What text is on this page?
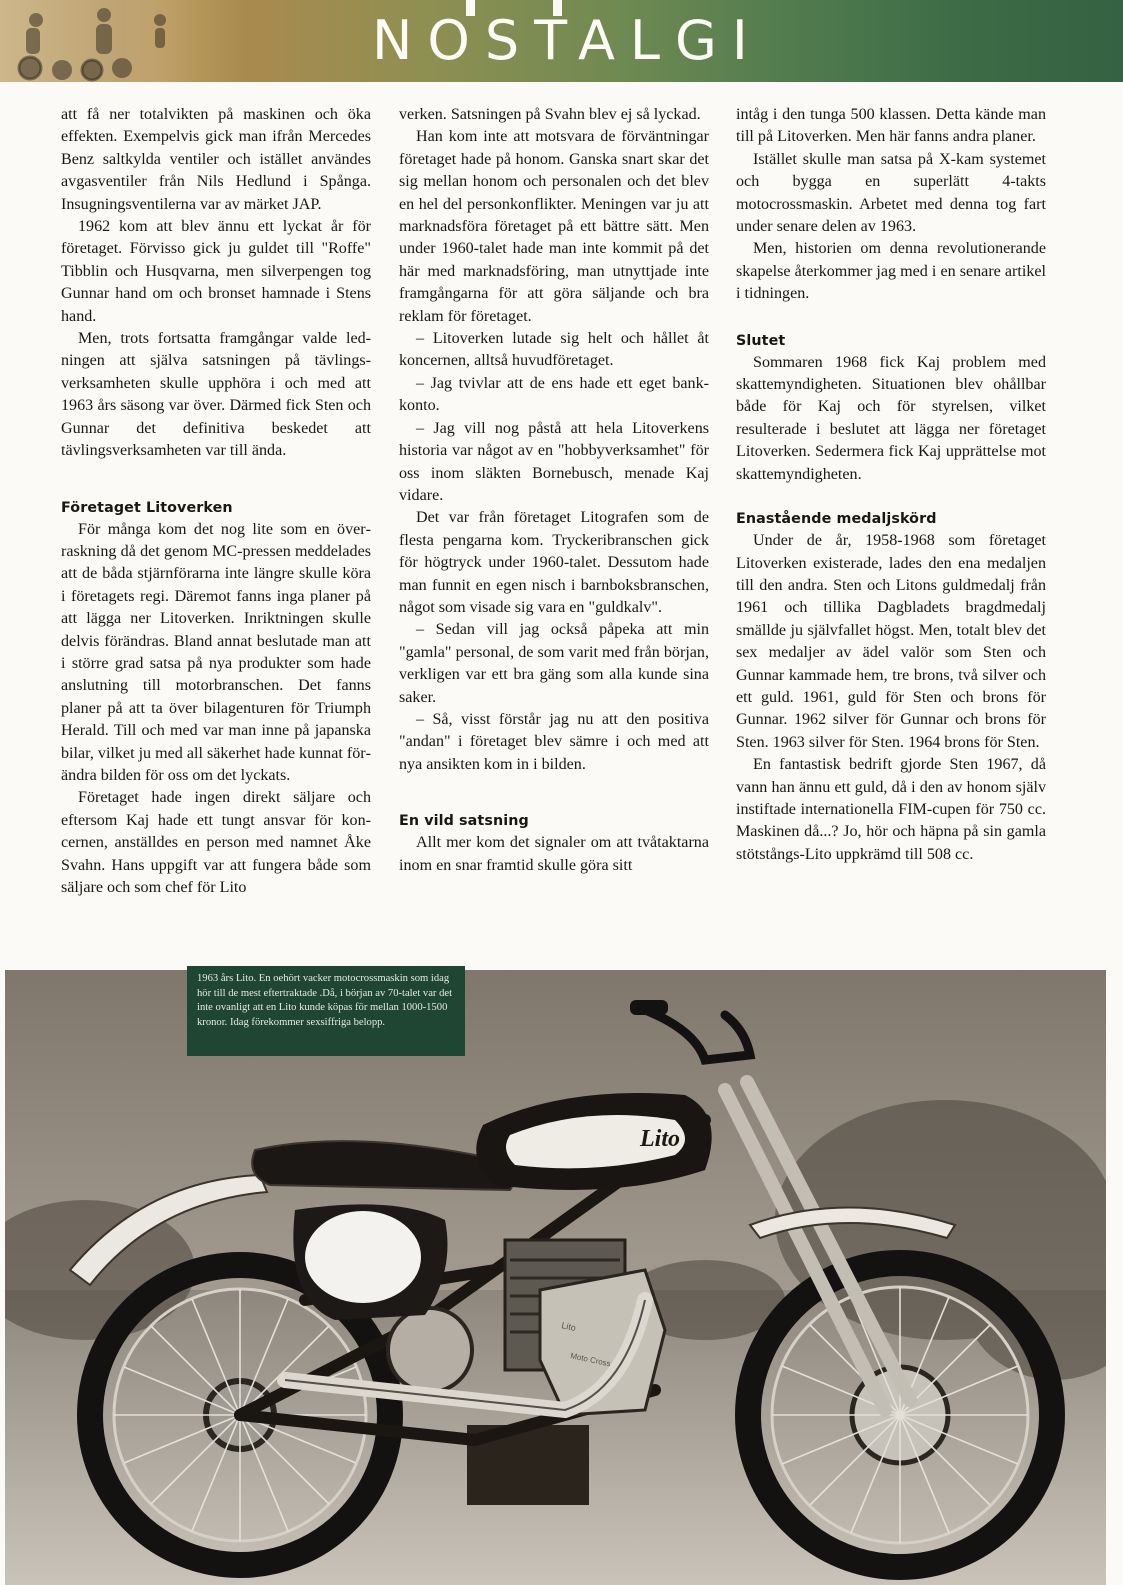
NOSTALGI

att få ner totalvikten på maskinen och öka effekten. Exempelvis gick man ifrån Mercedes Benz saltkylda ventiler och istället användes avgasventiler från Nils Hedlund i Spånga. Insugningsventilerna var av märket JAP.

1962 kom att blev ännu ett lyckat år för företaget. Förvisso gick ju guldet till "Roffe" Tibblin och Husqvarna, men silverpengen tog Gunnar hand om och bronset hamnade i Stens hand.

Men, trots fortsatta framgångar valde ledningen att själva satsningen på tävlingsverksamheten skulle upphöra i och med att 1963 års säsong var över. Därmed fick Sten och Gunnar det definitiva beskedet att tävlingsverksamheten var till ända.

Företaget Litoverken

För många kom det nog lite som en överraskning då det genom MC-pressen meddelades att de båda stjärnförarna inte längre skulle köra i företagets regi. Däremot fanns inga planer på att lägga ner Litoverken. Inriktningen skulle delvis förändras. Bland annat beslutade man att i större grad satsa på nya produkter som hade anslutning till motorbranschen. Det fanns planer på att ta över bilagenturen för Triumph Herald. Till och med var man inne på japanska bilar, vilket ju med all säkerhet hade kunnat förändra bilden för oss om det lyckats.

Företaget hade ingen direkt säljare och eftersom Kaj hade ett tungt ansvar för koncernen, anställdes en person med namnet Åke Svahn. Hans uppgift var att fungera både som säljare och som chef för Lito

verken. Satsningen på Svahn blev ej så lyckad.

Han kom inte att motsvara de förväntningar företaget hade på honom. Ganska snart skar det sig mellan honom och personalen och det blev en hel del personkonflikter. Meningen var ju att marknadsföra företaget på ett bättre sätt. Men under 1960-talet hade man inte kommit på det här med marknadsföring, man utnyttjade inte framgångarna för att göra säljande och bra reklam för företaget.

– Litoverken lutade sig helt och hållet åt koncernen, alltså huvudföretaget.

– Jag tvivlar att de ens hade ett eget bankkonto.

– Jag vill nog påstå att hela Litoverkens historia var något av en "hobbyverksamhet" för oss inom släkten Bornebusch, menade Kaj vidare.

Det var från företaget Litografen som de flesta pengarna kom. Tryckeribranschen gick för högtryck under 1960-talet. Dessutom hade man funnit en egen nisch i barnboksbranschen, något som visade sig vara en "guldkalv".

– Sedan vill jag också påpeka att min "gamla" personal, de som varit med från början, verkligen var ett bra gäng som alla kunde sina saker.

– Så, visst förstår jag nu att den positiva "andan" i företaget blev sämre i och med att nya ansikten kom in i bilden.

En vild satsning

Allt mer kom det signaler om att tvåtaktarna inom en snar framtid skulle göra sitt

intåg i den tunga 500 klassen. Detta kände man till på Litoverken. Men här fanns andra planer.

Istället skulle man satsa på X-kam systemet och bygga en superlätt 4-takts motocrossmaskin. Arbetet med denna tog fart under senare delen av 1963.

Men, historien om denna revolutionerande skapelse återkommer jag med i en senare artikel i tidningen.

Slutet

Sommaren 1968 fick Kaj problem med skattemyndigheten. Situationen blev ohållbar både för Kaj och för styrelsen, vilket resulterade i beslutet att lägga ner företaget Litoverken. Sedermera fick Kaj upprättelse mot skattemyndigheten.

Enastående medaljskörd

Under de år, 1958-1968 som företaget Litoverken existerade, lades den ena medaljen till den andra. Sten och Litons guldmedalj från 1961 och tillika Dagbladets bragdmedalj smällde ju självfallet högst. Men, totalt blev det sex medaljer av ädel valör som Sten och Gunnar kammade hem, tre brons, två silver och ett guld. 1961, guld för Sten och brons för Gunnar. 1962 silver för Gunnar och brons för Sten. 1963 silver för Sten. 1964 brons för Sten.

En fantastisk bedrift gjorde Sten 1967, då vann han ännu ett guld, då i den av honom själv instiftade internationella FIM-cupen för 750 cc. Maskinen då...? Jo, hör och häpna på sin gamla stötstångs-Lito uppkrämd till 508 cc.

Lito
Moto Cross
Lito
1963 års Lito. En oehört vacker motocrossmaskin som idag hör till de mest eftertraktade .Då, i början av 70-talet var det inte ovanligt att en Lito kunde köpas för mellan 1000-1500 kronor. Idag förekommer sexsiffriga belopp.
